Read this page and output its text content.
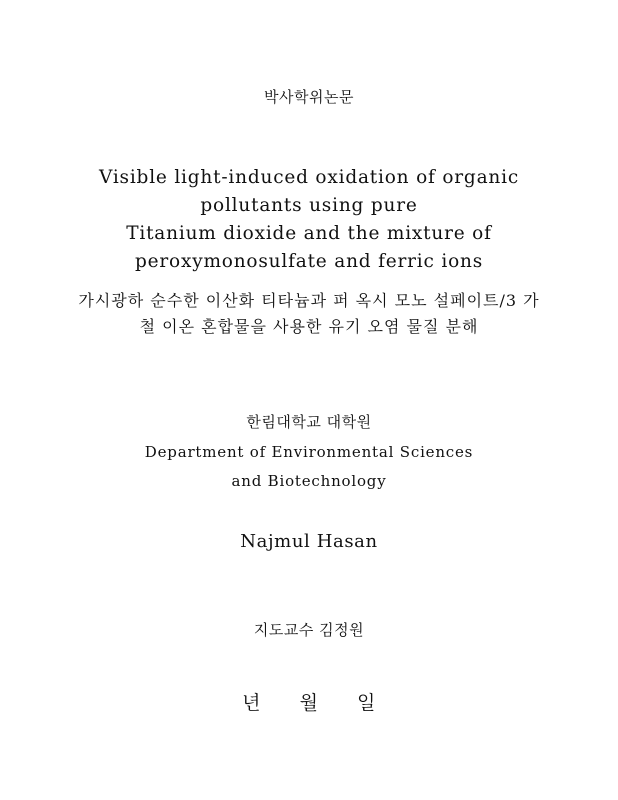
박사학위논문
Visible light-induced oxidation of organic
pollutants using pure
Titanium dioxide and the mixture of
peroxymonosulfate and ferric ions
가시광하 순수한 이산화 티타늄과 퍼 옥시 모노 설페이트/3 가
철 이온 혼합물을 사용한 유기 오염 물질 분해
한림대학교 대학원
Department of Environmental Sciences
and Biotechnology
Najmul Hasan
지도교수 김정원
년 월 일
